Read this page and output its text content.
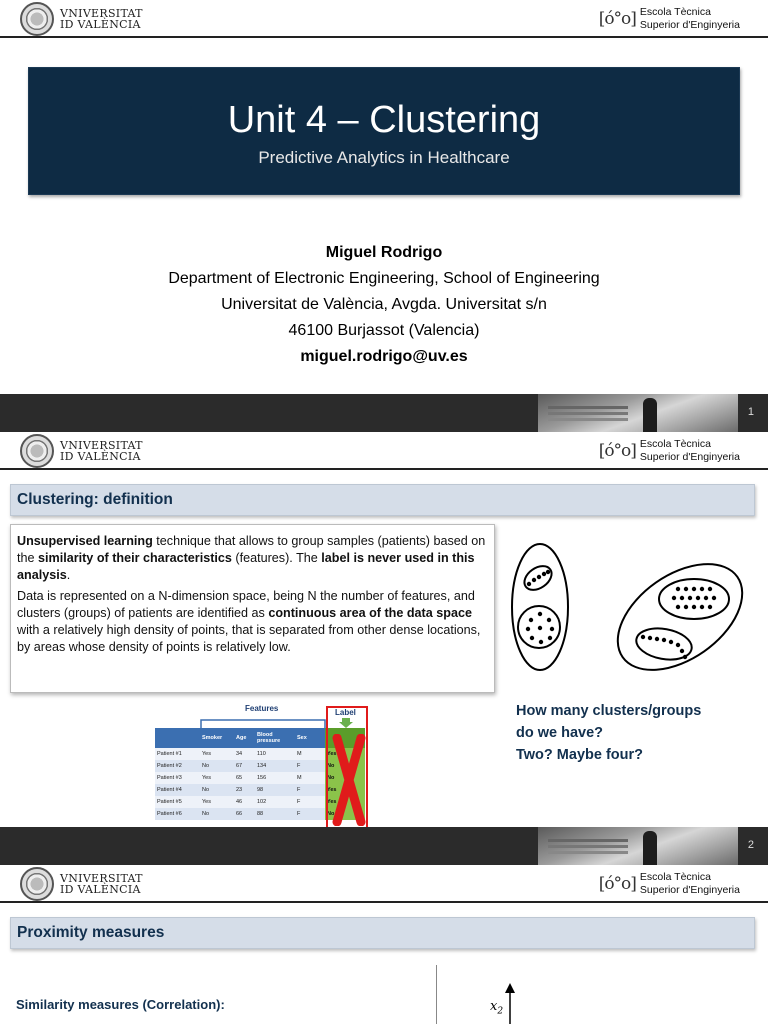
VNIVERSITAT
ID VALÈNCIA	[ó°o] Escola Tècnica
Superior d'Enginyeria
Unit 4 – Clustering
Predictive Analytics in Healthcare
Miguel Rodrigo
Department of Electronic Engineering, School of Engineering
Universitat de València, Avgda. Universitat s/n
46100 Burjassot (Valencia)
miguel.rodrigo@uv.es
1
VNIVERSITAT
ID VALÈNCIA	[ó°o] Escola Tècnica
Superior d'Enginyeria
Clustering: definition

Unsupervised learning technique that allows to group samples (patients) based on the similarity of their characteristics (features). The label is never used in this analysis.

Data is represented on a N-dimension space, being N the number of features, and clusters (groups) of patients are identified as continuous area of the data space with a relatively high density of points, that is separated from other dense locations, by areas whose density of points is relatively low.

How many clusters/groups
do we have?
Two? Maybe four?
Features	Label
	Smoker	Age	Blood pressure	Sex	
Patient #1	Yes	34	110	M	Yes
Patient #2	No	67	134	F	No
Patient #3	Yes	65	156	M	No
Patient #4	No	23	98	F	Yes
Patient #5	Yes	46	102	F	Yes
Patient #6	No	66	88	F	No
2
VNIVERSITAT
ID VALÈNCIA	[ó°o] Escola Tècnica
Superior d'Enginyeria
Proximity measures
Similarity measures (Correlation):	$x_2$
